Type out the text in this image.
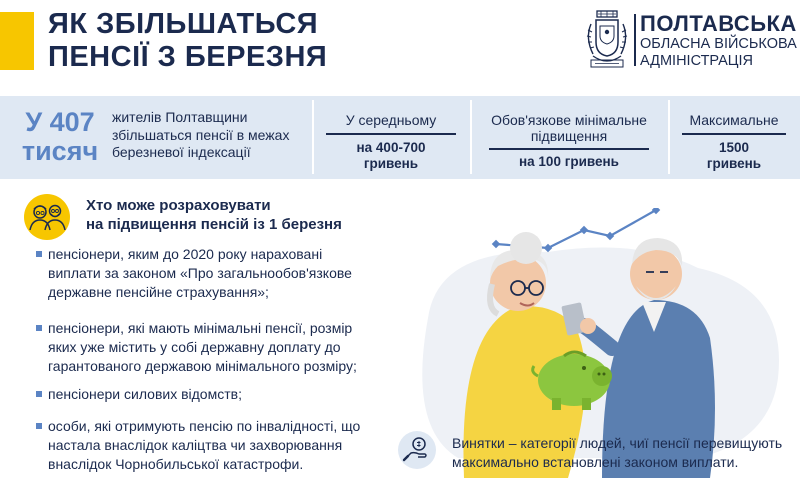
ЯК ЗБІЛЬШАТЬСЯ
ПЕНСІЇ З БЕРЕЗНЯ
ПОЛТАВСЬКА
ОБЛАСНА ВІЙСЬКОВА
АДМІНІСТРАЦІЯ
У 407
тисяч
жителів Полтавщини збільшаться пенсії в межах березневої індексації
У середньому
на 400-700 гривень
Обов'язкове мінімальне підвищення
на 100 гривень
Максимальне
1500 гривень
Хто може розраховувати
на підвищення пенсій із 1 березня
пенсіонери, яким до 2020 року нараховані виплати за законом «Про загальнообов'язкове державне пенсійне страхування»;
пенсіонери, які мають мінімальні пенсії, розмір яких уже містить у собі державну доплату до гарантованого державою мінімального розміру;
пенсіонери силових відомств;
особи, які отримують пенсію по інвалідності, що настала внаслідок каліцтва чи захворювання внаслідок Чорнобильської катастрофи.
Винятки – категорії людей, чиї пенсії перевищують максимально встановлені законом виплати.
